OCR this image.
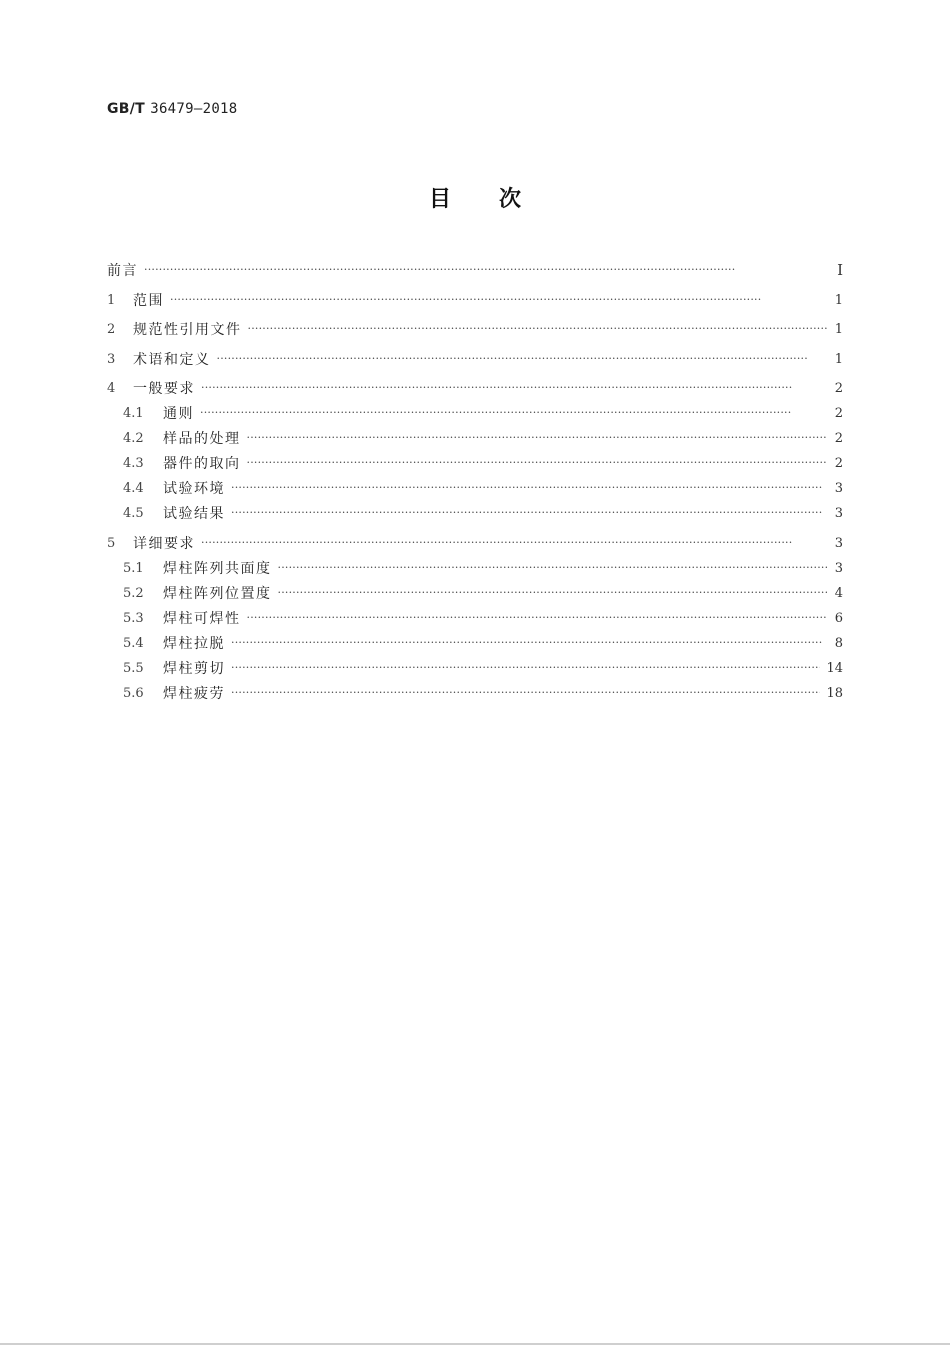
GB/T 36479—2018
目次
前言 ·····	Ⅰ
1	范围 ·····	1
2	规范性引用文件 ·····	1
3	术语和定义 ·····	1
4	一般要求 ·····	2
4.1	通则 ·····	2
4.2	样品的处理 ·····	2
4.3	器件的取向 ·····	2
4.4	试验环境 ·····	3
4.5	试验结果 ·····	3
5	详细要求 ·····	3
5.1	焊柱阵列共面度 ·····	3
5.2	焊柱阵列位置度 ·····	4
5.3	焊柱可焊性 ·····	6
5.4	焊柱拉脱 ·····	8
5.5	焊柱剪切 ·····	14
5.6	焊柱疲劳 ·····	18
